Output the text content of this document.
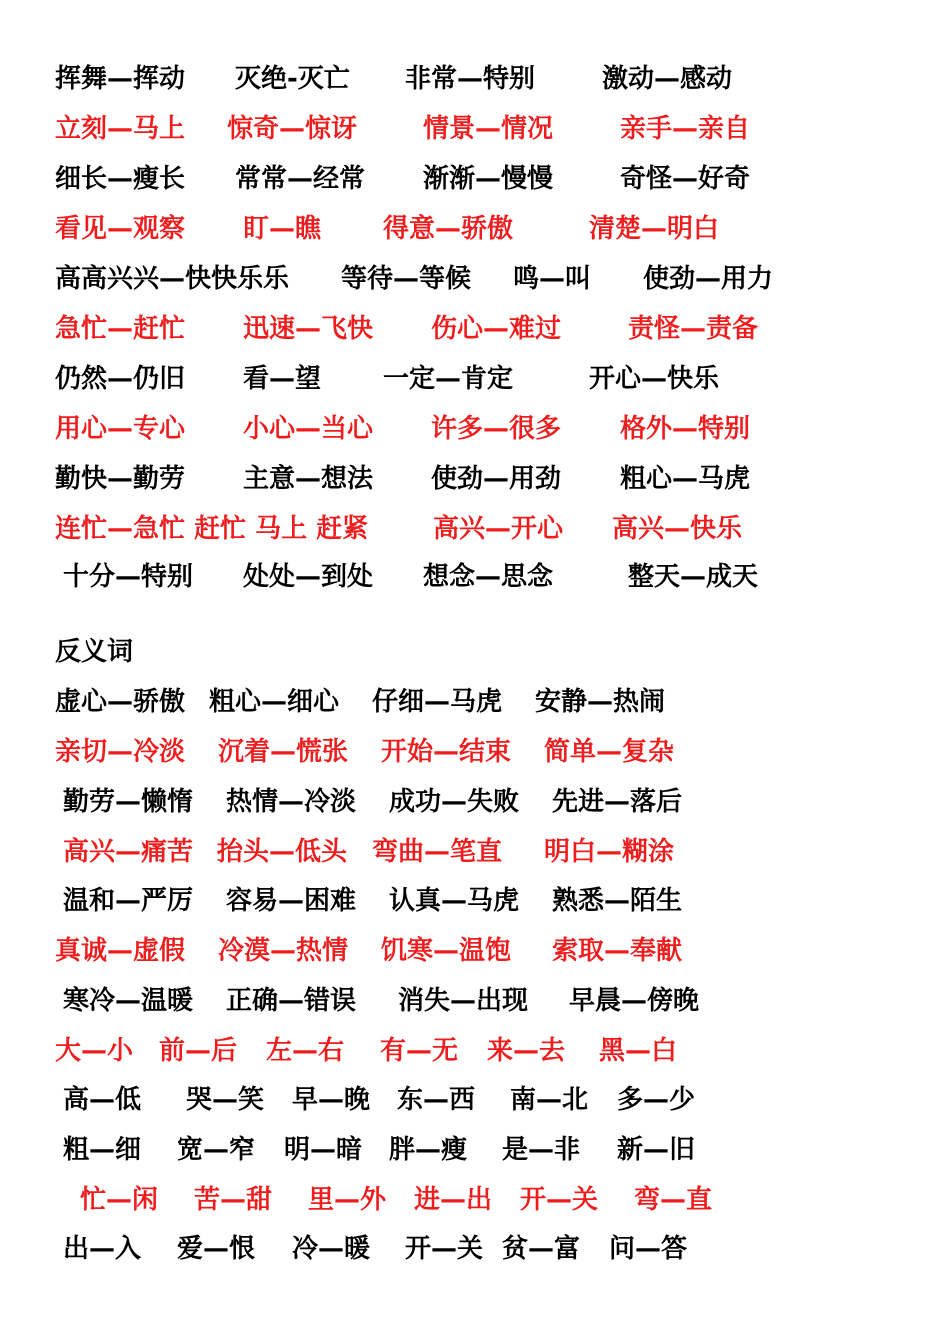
挥舞—挥动 灭绝-灭亡 非常—特别	激动—感动
立刻—马上 惊奇—惊讶	情景—情况	亲手—亲自
细长—瘦长 常常—经常 渐渐—慢慢	奇怪—好奇
看见—观察 盯—瞧 得意—骄傲	清楚—明白
高高兴兴—快快乐乐 等待—等候 鸣—叫 使劲—用力
急忙—赶忙 迅速—飞快 伤心—难过	责怪—责备
仍然—仍旧 看—望 一定—肯定	开心—快乐
用心—专心 小心—当心 许多—很多 格外—特别
勤快—勤劳 主意—想法 使劲—用劲 粗心—马虎
连忙—急忙 赶忙 马上 赶紧 高兴—开心 高兴—快乐
十分—特别 处处—到处 想念—思念	整天—成天
反义词
虚心—骄傲 粗心—细心 仔细—马虎 安静—热闹
亲切—冷淡 沉着—慌张 开始—结束 简单—复杂
勤劳—懒惰 热情—冷淡 成功—失败 先进—落后
高兴—痛苦 抬头—低头 弯曲—笔直 明白—糊涂
温和—严厉 容易—困难 认真—马虎 熟悉—陌生
真诚—虚假 冷漠—热情 饥寒—温饱 索取—奉献
寒冷—温暖 正确—错误 消失—出现 早晨—傍晚
大—小 前—后 左—右 有—无 来—去 黑—白
高—低 哭—笑 早—晚 东—西 南—北 多—少
粗—细 宽—窄 明—暗 胖—瘦 是—非 新—旧
忙—闲 苦—甜 里—外 进—出 开—关 弯—直
出—入 爱—恨 冷—暖 开—关 贫—富 问—答
